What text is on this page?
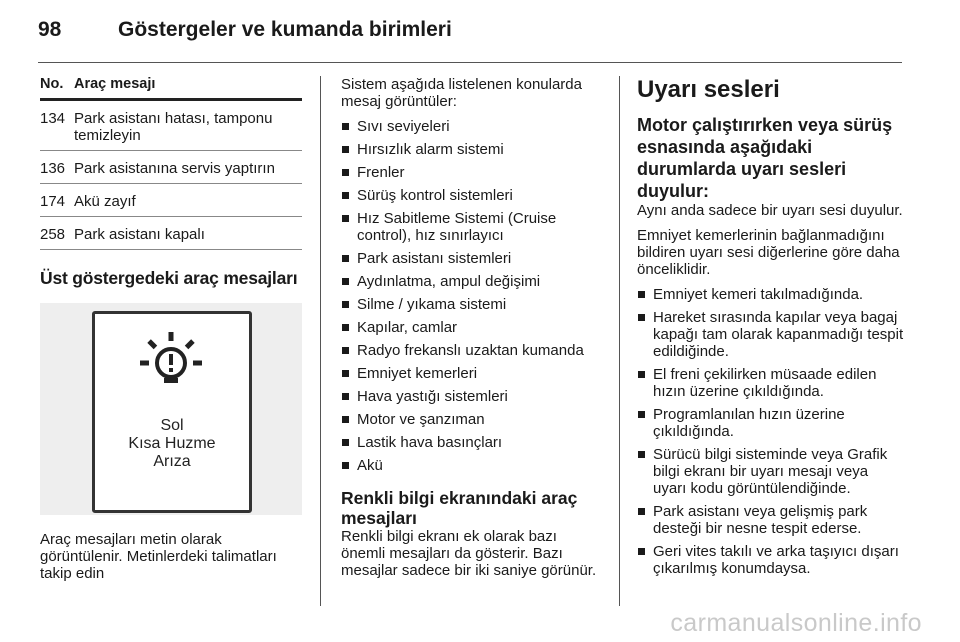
98	Göstergeler ve kumanda birimleri
No. Araç mesajı
134 Park asistanı hatası, tamponu temizleyin
136 Park asistanına servis yaptırın
174 Akü zayıf
258 Park asistanı kapalı
Üst göstergedeki araç mesajları
Sol
Kısa Huzme
Arıza

Araç mesajları metin olarak görüntülenir. Metinlerdeki talimatları takip edin

Sistem aşağıda listelenen konularda mesaj görüntüler:

Sıvı seviyeleri
Hırsızlık alarm sistemi
Frenler
Sürüş kontrol sistemleri
Hız Sabitleme Sistemi (Cruise control), hız sınırlayıcı
Park asistanı sistemleri
Aydınlatma, ampul değişimi
Silme / yıkama sistemi
Kapılar, camlar
Radyo frekanslı uzaktan kumanda
Emniyet kemerleri
Hava yastığı sistemleri
Motor ve şanzıman
Lastik hava basınçları
Akü
Renkli bilgi ekranındaki araç mesajları

Renkli bilgi ekranı ek olarak bazı önemli mesajları da gösterir. Bazı mesajlar sadece bir iki saniye görünür.

Uyarı sesleri
Motor çalıştırırken veya sürüş esnasında aşağıdaki durumlarda uyarı sesleri duyulur:

Aynı anda sadece bir uyarı sesi duyulur.

Emniyet kemerlerinin bağlanmadığını bildiren uyarı sesi diğerlerine göre daha önceliklidir.

Emniyet kemeri takılmadığında.
Hareket sırasında kapılar veya bagaj kapağı tam olarak kapanmadığı tespit edildiğinde.
El freni çekilirken müsaade edilen hızın üzerine çıkıldığında.
Programlanılan hızın üzerine çıkıldığında.
Sürücü bilgi sisteminde veya Grafik bilgi ekranı bir uyarı mesajı veya uyarı kodu görüntülendiğinde.
Park asistanı veya gelişmiş park desteği bir nesne tespit ederse.
Geri vites takılı ve arka taşıyıcı dışarı çıkarılmış konumdaysa.
carmanualsonline.info
